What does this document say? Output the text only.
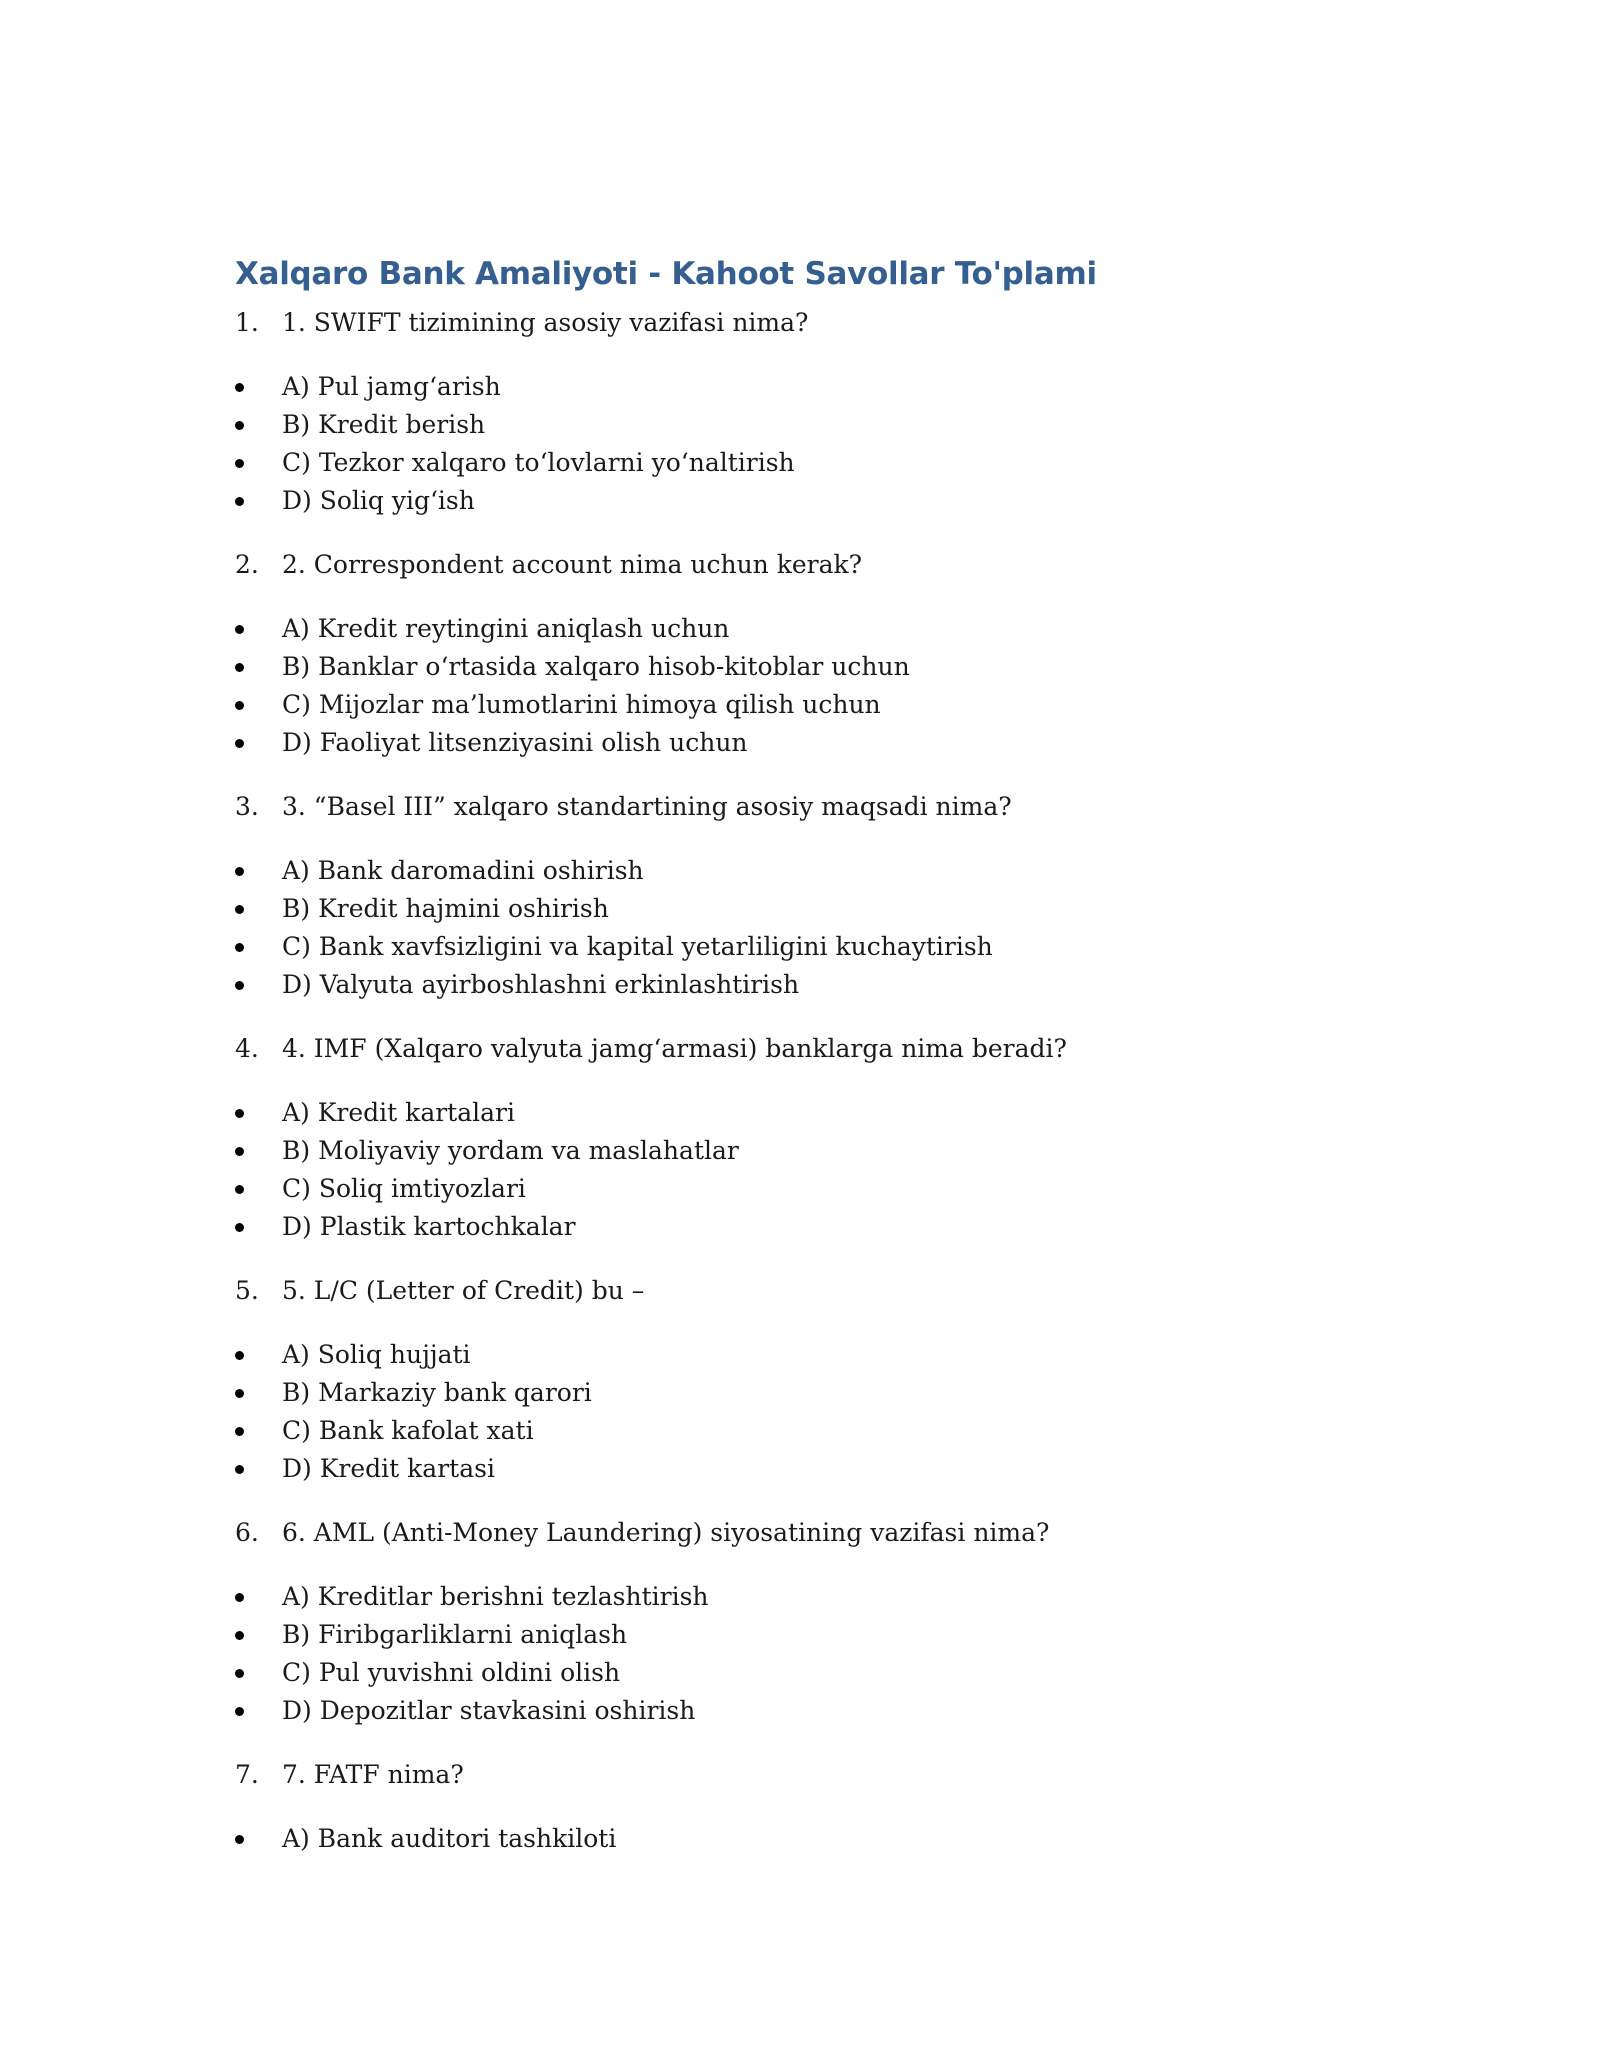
Xalqaro Bank Amaliyoti - Kahoot Savollar To'plami
1. 1. SWIFT tizimining asosiy vazifasi nima?
A) Pul jamg‘arish
B) Kredit berish
C) Tezkor xalqaro to‘lovlarni yo‘naltirish
D) Soliq yig‘ish
2. 2. Correspondent account nima uchun kerak?
A) Kredit reytingini aniqlash uchun
B) Banklar o‘rtasida xalqaro hisob-kitoblar uchun
C) Mijozlar ma’lumotlarini himoya qilish uchun
D) Faoliyat litsenziyasini olish uchun
3. 3. “Basel III” xalqaro standartining asosiy maqsadi nima?
A) Bank daromadini oshirish
B) Kredit hajmini oshirish
C) Bank xavfsizligini va kapital yetarliligini kuchaytirish
D) Valyuta ayirboshlashni erkinlashtirish
4. 4. IMF (Xalqaro valyuta jamg‘armasi) banklarga nima beradi?
A) Kredit kartalari
B) Moliyaviy yordam va maslahatlar
C) Soliq imtiyozlari
D) Plastik kartochkalar
5. 5. L/C (Letter of Credit) bu –
A) Soliq hujjati
B) Markaziy bank qarori
C) Bank kafolat xati
D) Kredit kartasi
6. 6. AML (Anti-Money Laundering) siyosatining vazifasi nima?
A) Kreditlar berishni tezlashtirish
B) Firibgarliklarni aniqlash
C) Pul yuvishni oldini olish
D) Depozitlar stavkasini oshirish
7. 7. FATF nima?
A) Bank auditori tashkiloti
